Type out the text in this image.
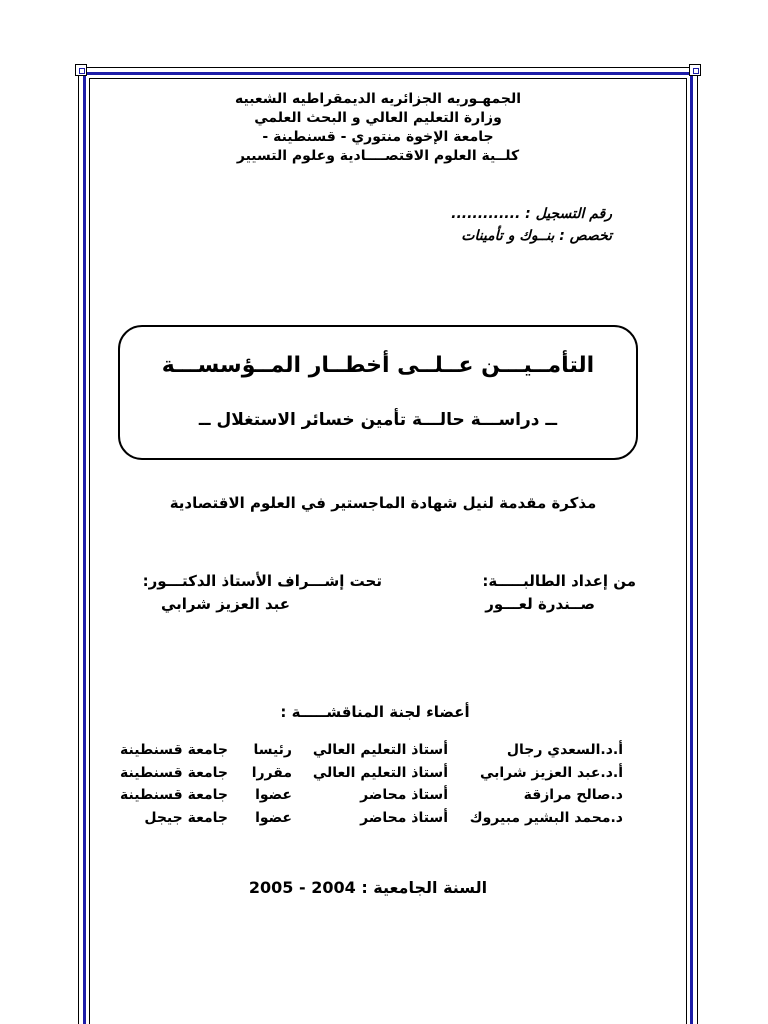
الجمهـوريه الجزائريه الديمقراطيه الشعبيه
وزارة التعليم العالي و البحث العلمي
جامعة الإخوة منتوري - قسنطينة -
كلــية العلوم الاقتصــــادية وعلوم التسيير
رقم التسجيل : .............
تخصص : بنــوك و تأمينات
التأمــيـــن عــلــى أخطــار المــؤسســـة
ــ دراســـة حالـــة تأمين خسائر الاستغلال ــ
مذكرة مقدمة لنيل شهادة الماجستير في العلوم الاقتصادية
من إعداد الطالبـــــة:
صــندرة لعـــور
تحت إشـــراف الأستاذ الدكتـــور:
عبد العزيز شرابي
أعضاء لجنة المناقشـــــة :
أ.د.السعدي رجال
أستاذ التعليم العالي
رئيسا
جامعة قسنطينة
أ.د.عبد العزيز شرابي
أستاذ التعليم العالي
مقررا
جامعة قسنطينة
د.صالح مرازقة
أستاذ محاضر
عضوا
جامعة قسنطينة
د.محمد البشير مبيروك
أستاذ محاضر
عضوا
جامعة جيجل
السنة الجامعية : 2004 - 2005
